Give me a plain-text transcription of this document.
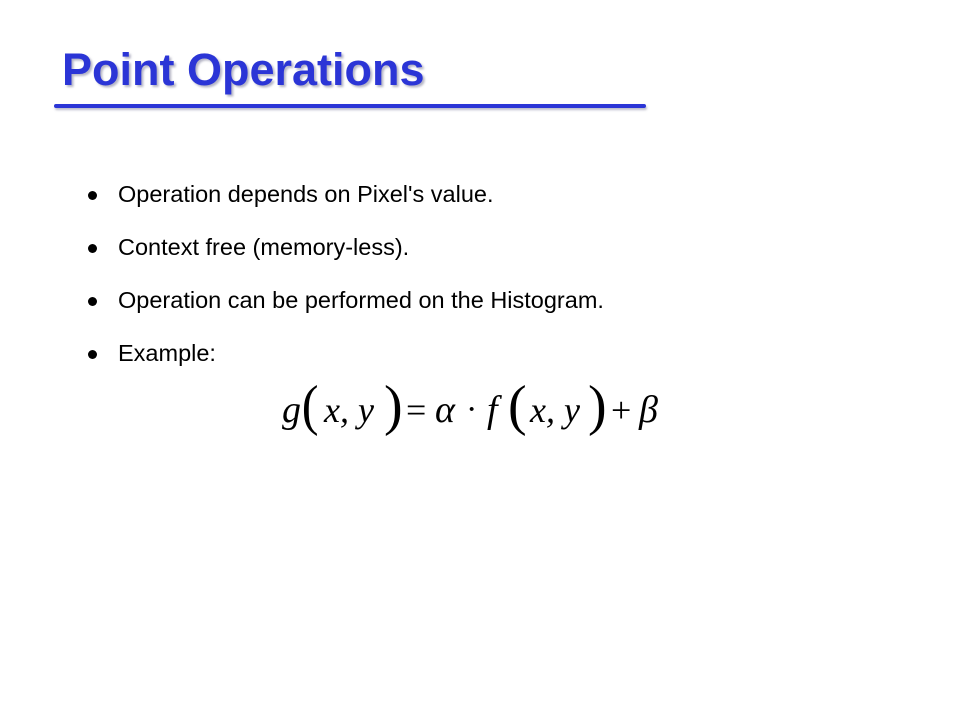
Point Operations
Operation depends on Pixel's value.
Context free (memory-less).
Operation can be performed on the Histogram.
Example:
g ( x, y ) = α · f ( x, y ) + β
